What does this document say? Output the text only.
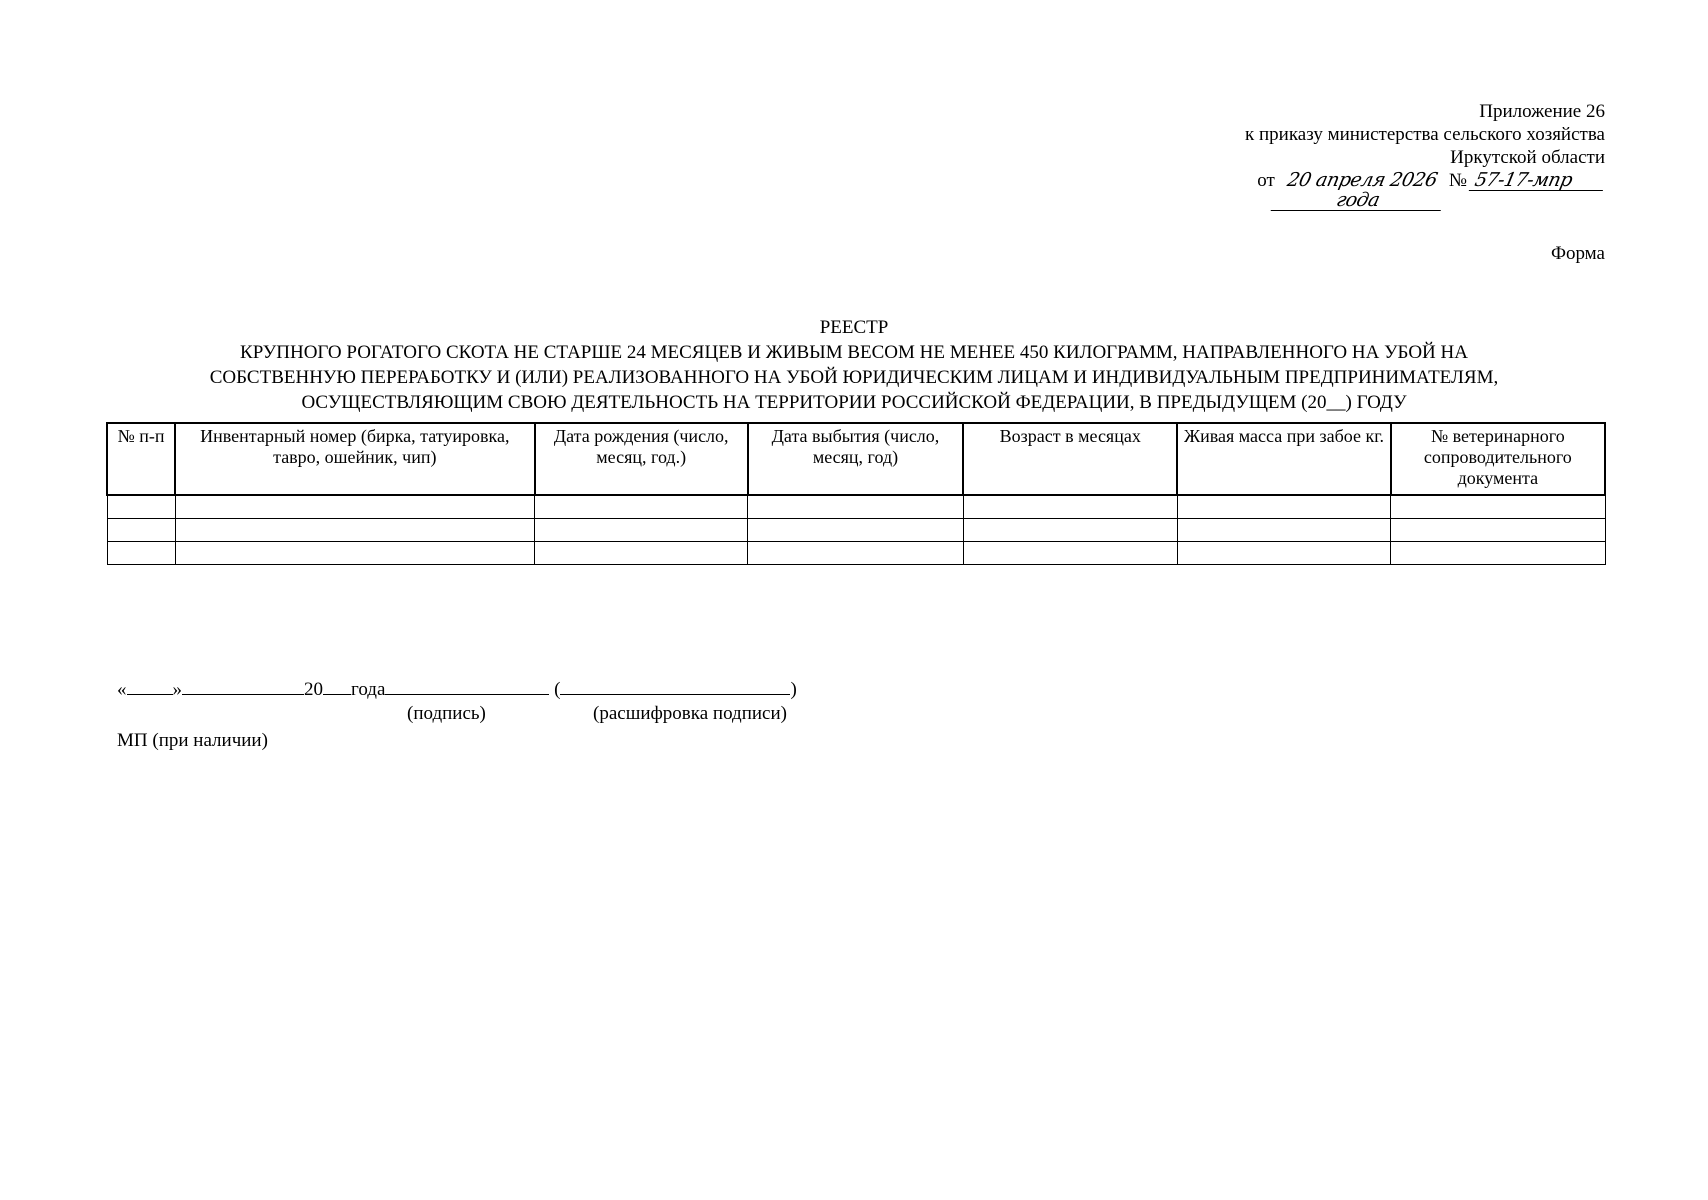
Приложение 26
к приказу министерства сельского хозяйства
Иркутской области
от 20 апреля 2026 года
№ 57-17-мпр
Форма
РЕЕСТР
КРУПНОГО РОГАТОГО СКОТА НЕ СТАРШЕ 24 МЕСЯЦЕВ И ЖИВЫМ ВЕСОМ НЕ МЕНЕЕ 450 КИЛОГРАММ, НАПРАВЛЕННОГО НА УБОЙ НА
СОБСТВЕННУЮ ПЕРЕРАБОТКУ И (ИЛИ) РЕАЛИЗОВАННОГО НА УБОЙ ЮРИДИЧЕСКИМ ЛИЦАМ И ИНДИВИДУАЛЬНЫМ ПРЕДПРИНИМАТЕЛЯМ,
ОСУЩЕСТВЛЯЮЩИМ СВОЮ ДЕЯТЕЛЬНОСТЬ НА ТЕРРИТОРИИ РОССИЙСКОЙ ФЕДЕРАЦИИ, В ПРЕДЫДУЩЕМ (20__) ГОДУ
№ п-п	Инвентарный номер (бирка, татуировка, тавро, ошейник, чип)	Дата рождения (число, месяц, год.)	Дата выбытия (число, месяц, год)	Возраст в месяцах	Живая масса при забое кг.	№ ветеринарного сопроводительного документа

« »	20 года	(	)
(подпись)	(расшифровка подписи)
МП (при наличии)
